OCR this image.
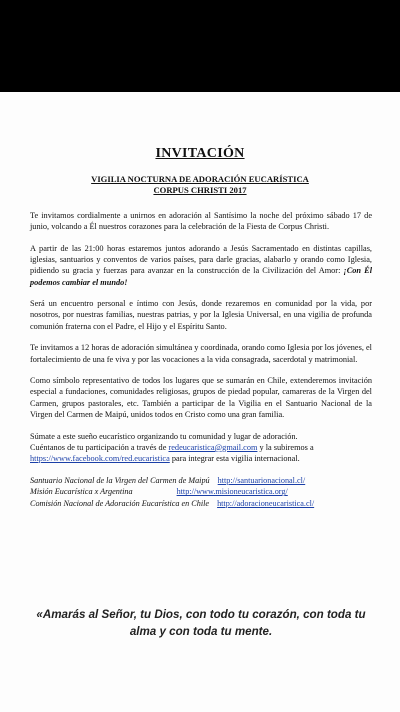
INVITACIÓN
VIGILIA NOCTURNA DE ADORACIÓN EUCARÍSTICA
CORPUS CHRISTI 2017

Te invitamos cordialmente a unirnos en adoración al Santísimo la noche del próximo sábado 17 de junio, volcando a Él nuestros corazones para la celebración de la Fiesta de Corpus Christi.

A partir de las 21:00 horas estaremos juntos adorando a Jesús Sacramentado en distintas capillas, iglesias, santuarios y conventos de varios países, para darle gracias, alabarlo y orando como Iglesia, pidiendo su gracia y fuerzas para avanzar en la construcción de la Civilización del Amor: ¡Con Él podemos cambiar el mundo!

Será un encuentro personal e íntimo con Jesús, donde rezaremos en comunidad por la vida, por nosotros, por nuestras familias, nuestras patrias, y por la Iglesia Universal, en una vigilia de profunda comunión fraterna con el Padre, el Hijo y el Espíritu Santo.

Te invitamos a 12 horas de adoración simultánea y coordinada, orando como Iglesia por los jóvenes, el fortalecimiento de una fe viva y por las vocaciones a la vida consagrada, sacerdotal y matrimonial.

Como símbolo representativo de todos los lugares que se sumarán en Chile, extenderemos invitación especial a fundaciones, comunidades religiosas, grupos de piedad popular, camareras de la Virgen del Carmen, grupos pastorales, etc. También a participar de la Vigilia en el Santuario Nacional de la Virgen del Carmen de Maipú, unidos todos en Cristo como una gran familia.

Súmate a este sueño eucarístico organizando tu comunidad y lugar de adoración.
Cuéntanos de tu participación a través de redeucaristica@gmail.com y la subiremos a
https://www.facebook.com/red.eucaristica para integrar esta vigilia internacional.

Santuario Nacional de la Virgen del Carmen de Maipú http://santuarionacional.cl/
Misión Eucarística x Argentina	http://www.misioneucaristica.org/
Comisión Nacional de Adoración Eucarística en Chile http://adoracioneucaristica.cl/
«Amarás al Señor, tu Dios, con todo tu corazón, con toda tu alma y con toda tu mente.
